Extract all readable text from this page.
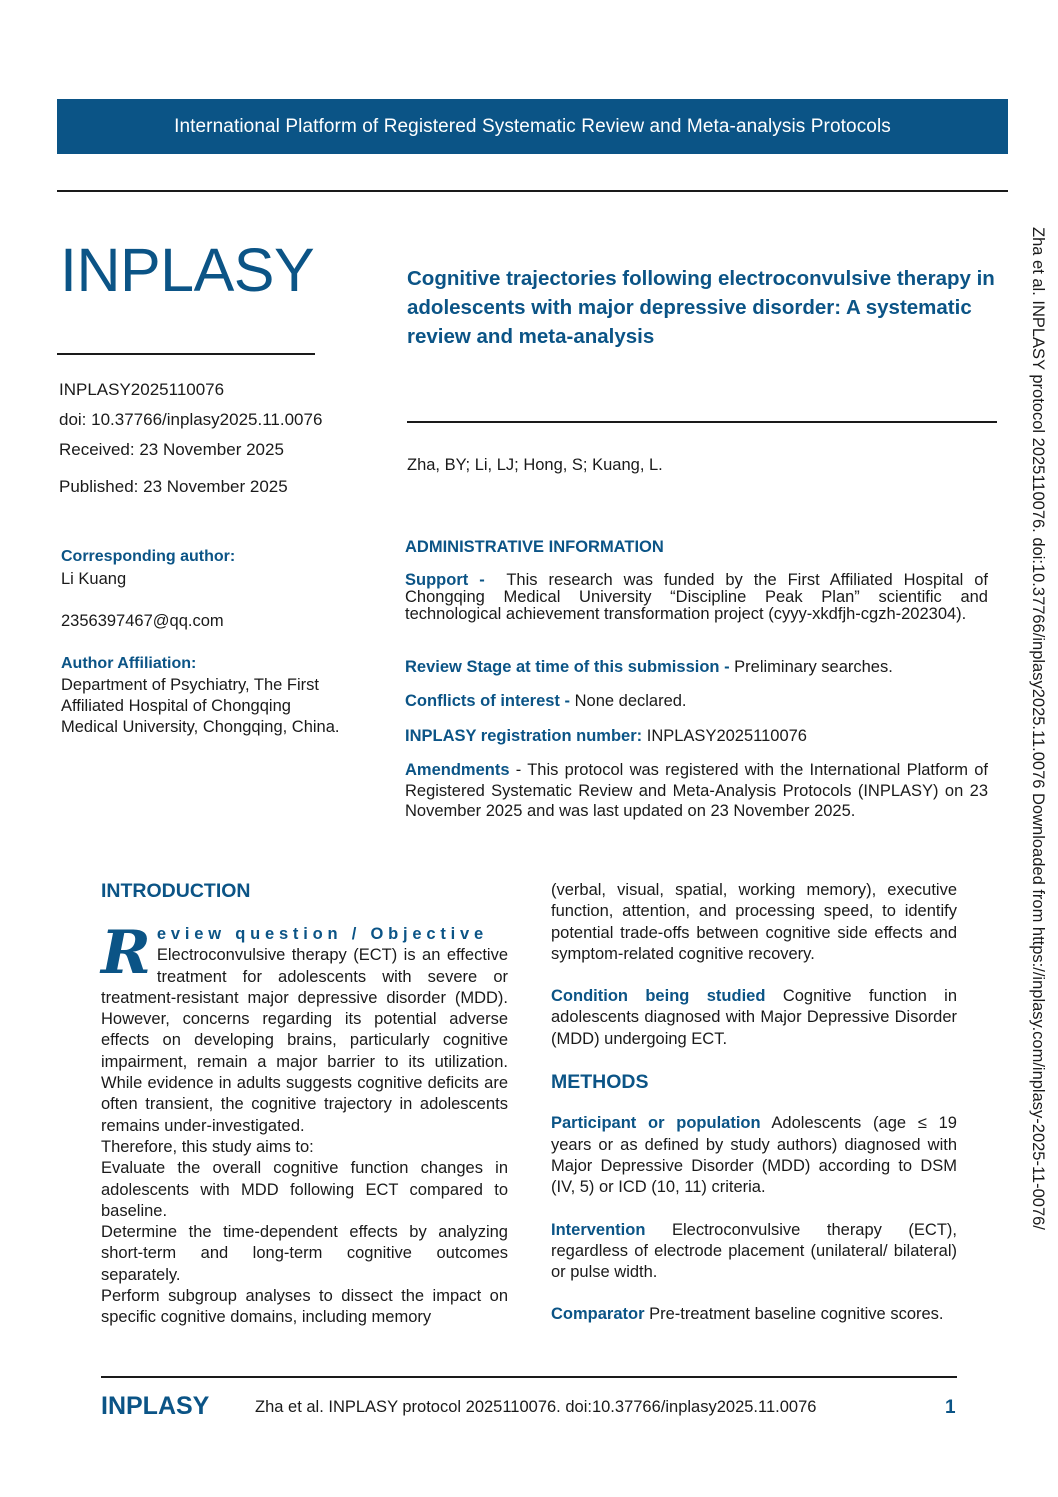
International Platform of Registered Systematic Review and Meta-analysis Protocols
INPLASY	Cognitive trajectories following electroconvulsive therapy in adolescents with major depressive disorder: A systematic review and meta-analysis
INPLASY2025110076
doi: 10.37766/inplasy2025.11.0076
Received: 23 November 2025
Published: 23 November 2025
Zha, BY; Li, LJ; Hong, S; Kuang, L.
Corresponding author:
Li Kuang
2356397467@qq.com
Author Affiliation:
Department of Psychiatry, The First Affiliated Hospital of Chongqing Medical University, Chongqing, China.
ADMINISTRATIVE INFORMATION

Support - This research was funded by the First Affiliated Hospital of Chongqing Medical University “Discipline Peak Plan” scientific and technological achievement transformation project (cyyy-xkdfjh-cgzh-202304).

Review Stage at time of this submission - Preliminary searches.

Conflicts of interest - None declared.

INPLASY registration number: INPLASY2025110076

Amendments - This protocol was registered with the International Platform of Registered Systematic Review and Meta-Analysis Protocols (INPLASY) on 23 November 2025 and was last updated on 23 November 2025.

INTRODUCTION

Review question / Objective
Electroconvulsive therapy (ECT) is an effective treatment for adolescents with severe or treatment-resistant major depressive disorder (MDD). However, concerns regarding its potential adverse effects on developing brains, particularly cognitive impairment, remain a major barrier to its utilization. While evidence in adults suggests cognitive deficits are often transient, the cognitive trajectory in adolescents remains under-investigated.

Therefore, this study aims to:

Evaluate the overall cognitive function changes in adolescents with MDD following ECT compared to baseline.

Determine the time-dependent effects by analyzing short-term and long-term cognitive outcomes separately.

Perform subgroup analyses to dissect the impact on specific cognitive domains, including memory

(verbal, visual, spatial, working memory), executive function, attention, and processing speed, to identify potential trade-offs between cognitive side effects and symptom-related cognitive recovery.

Condition being studied Cognitive function in adolescents diagnosed with Major Depressive Disorder (MDD) undergoing ECT.

METHODS

Participant or population Adolescents (age ≤ 19 years or as defined by study authors) diagnosed with Major Depressive Disorder (MDD) according to DSM (IV, 5) or ICD (10, 11) criteria.

Intervention Electroconvulsive therapy (ECT), regardless of electrode placement (unilateral/ bilateral) or pulse width.

Comparator Pre-treatment baseline cognitive scores.

INPLASY	Zha et al. INPLASY protocol 2025110076. doi:10.37766/inplasy2025.11.0076	1
Zha et al. INPLASY protocol 2025110076. doi:10.37766/inplasy2025.11.0076 Downloaded from https://inplasy.com/inplasy-2025-11-0076/
